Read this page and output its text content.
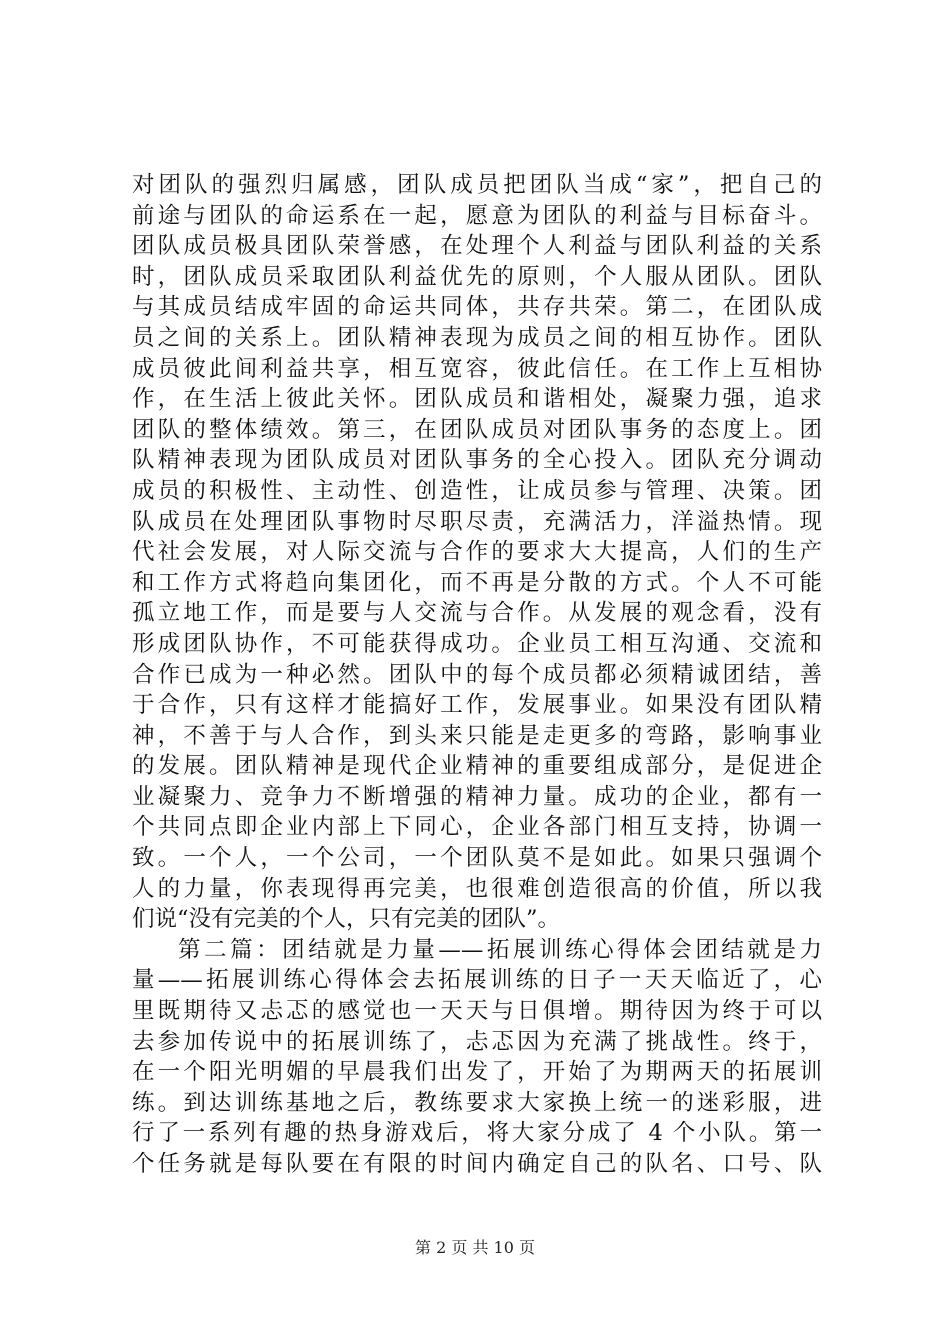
对团队的强烈归属感，团队成员把团队当成“家”，把自己的
前途与团队的命运系在一起，愿意为团队的利益与目标奋斗。
团队成员极具团队荣誉感，在处理个人利益与团队利益的关系
时，团队成员采取团队利益优先的原则，个人服从团队。团队
与其成员结成牢固的命运共同体，共存共荣。第二，在团队成
员之间的关系上。团队精神表现为成员之间的相互协作。团队
成员彼此间利益共享，相互宽容，彼此信任。在工作上互相协
作，在生活上彼此关怀。团队成员和谐相处，凝聚力强，追求
团队的整体绩效。第三，在团队成员对团队事务的态度上。团
队精神表现为团队成员对团队事务的全心投入。团队充分调动
成员的积极性、主动性、创造性，让成员参与管理、决策。团
队成员在处理团队事物时尽职尽责，充满活力，洋溢热情。现
代社会发展，对人际交流与合作的要求大大提高，人们的生产
和工作方式将趋向集团化，而不再是分散的方式。个人不可能
孤立地工作，而是要与人交流与合作。从发展的观念看，没有
形成团队协作，不可能获得成功。企业员工相互沟通、交流和
合作已成为一种必然。团队中的每个成员都必须精诚团结，善
于合作，只有这样才能搞好工作，发展事业。如果没有团队精
神，不善于与人合作，到头来只能是走更多的弯路，影响事业
的发展。团队精神是现代企业精神的重要组成部分，是促进企
业凝聚力、竞争力不断增强的精神力量。成功的企业，都有一
个共同点即企业内部上下同心，企业各部门相互支持，协调一
致。一个人，一个公司，一个团队莫不是如此。如果只强调个
人的力量，你表现得再完美，也很难创造很高的价值，所以我
们说“没有完美的个人，只有完美的团队”。
第二篇：团结就是力量——拓展训练心得体会团结就是力
量——拓展训练心得体会去拓展训练的日子一天天临近了，心
里既期待又忐忑的感觉也一天天与日俱增。期待因为终于可以
去参加传说中的拓展训练了，忐忑因为充满了挑战性。终于，
在一个阳光明媚的早晨我们出发了，开始了为期两天的拓展训
练。到达训练基地之后，教练要求大家换上统一的迷彩服，进
行了一系列有趣的热身游戏后，将大家分成了 4 个小队。第一
个任务就是每队要在有限的时间内确定自己的队名、口号、队
第 2 页 共 10 页
